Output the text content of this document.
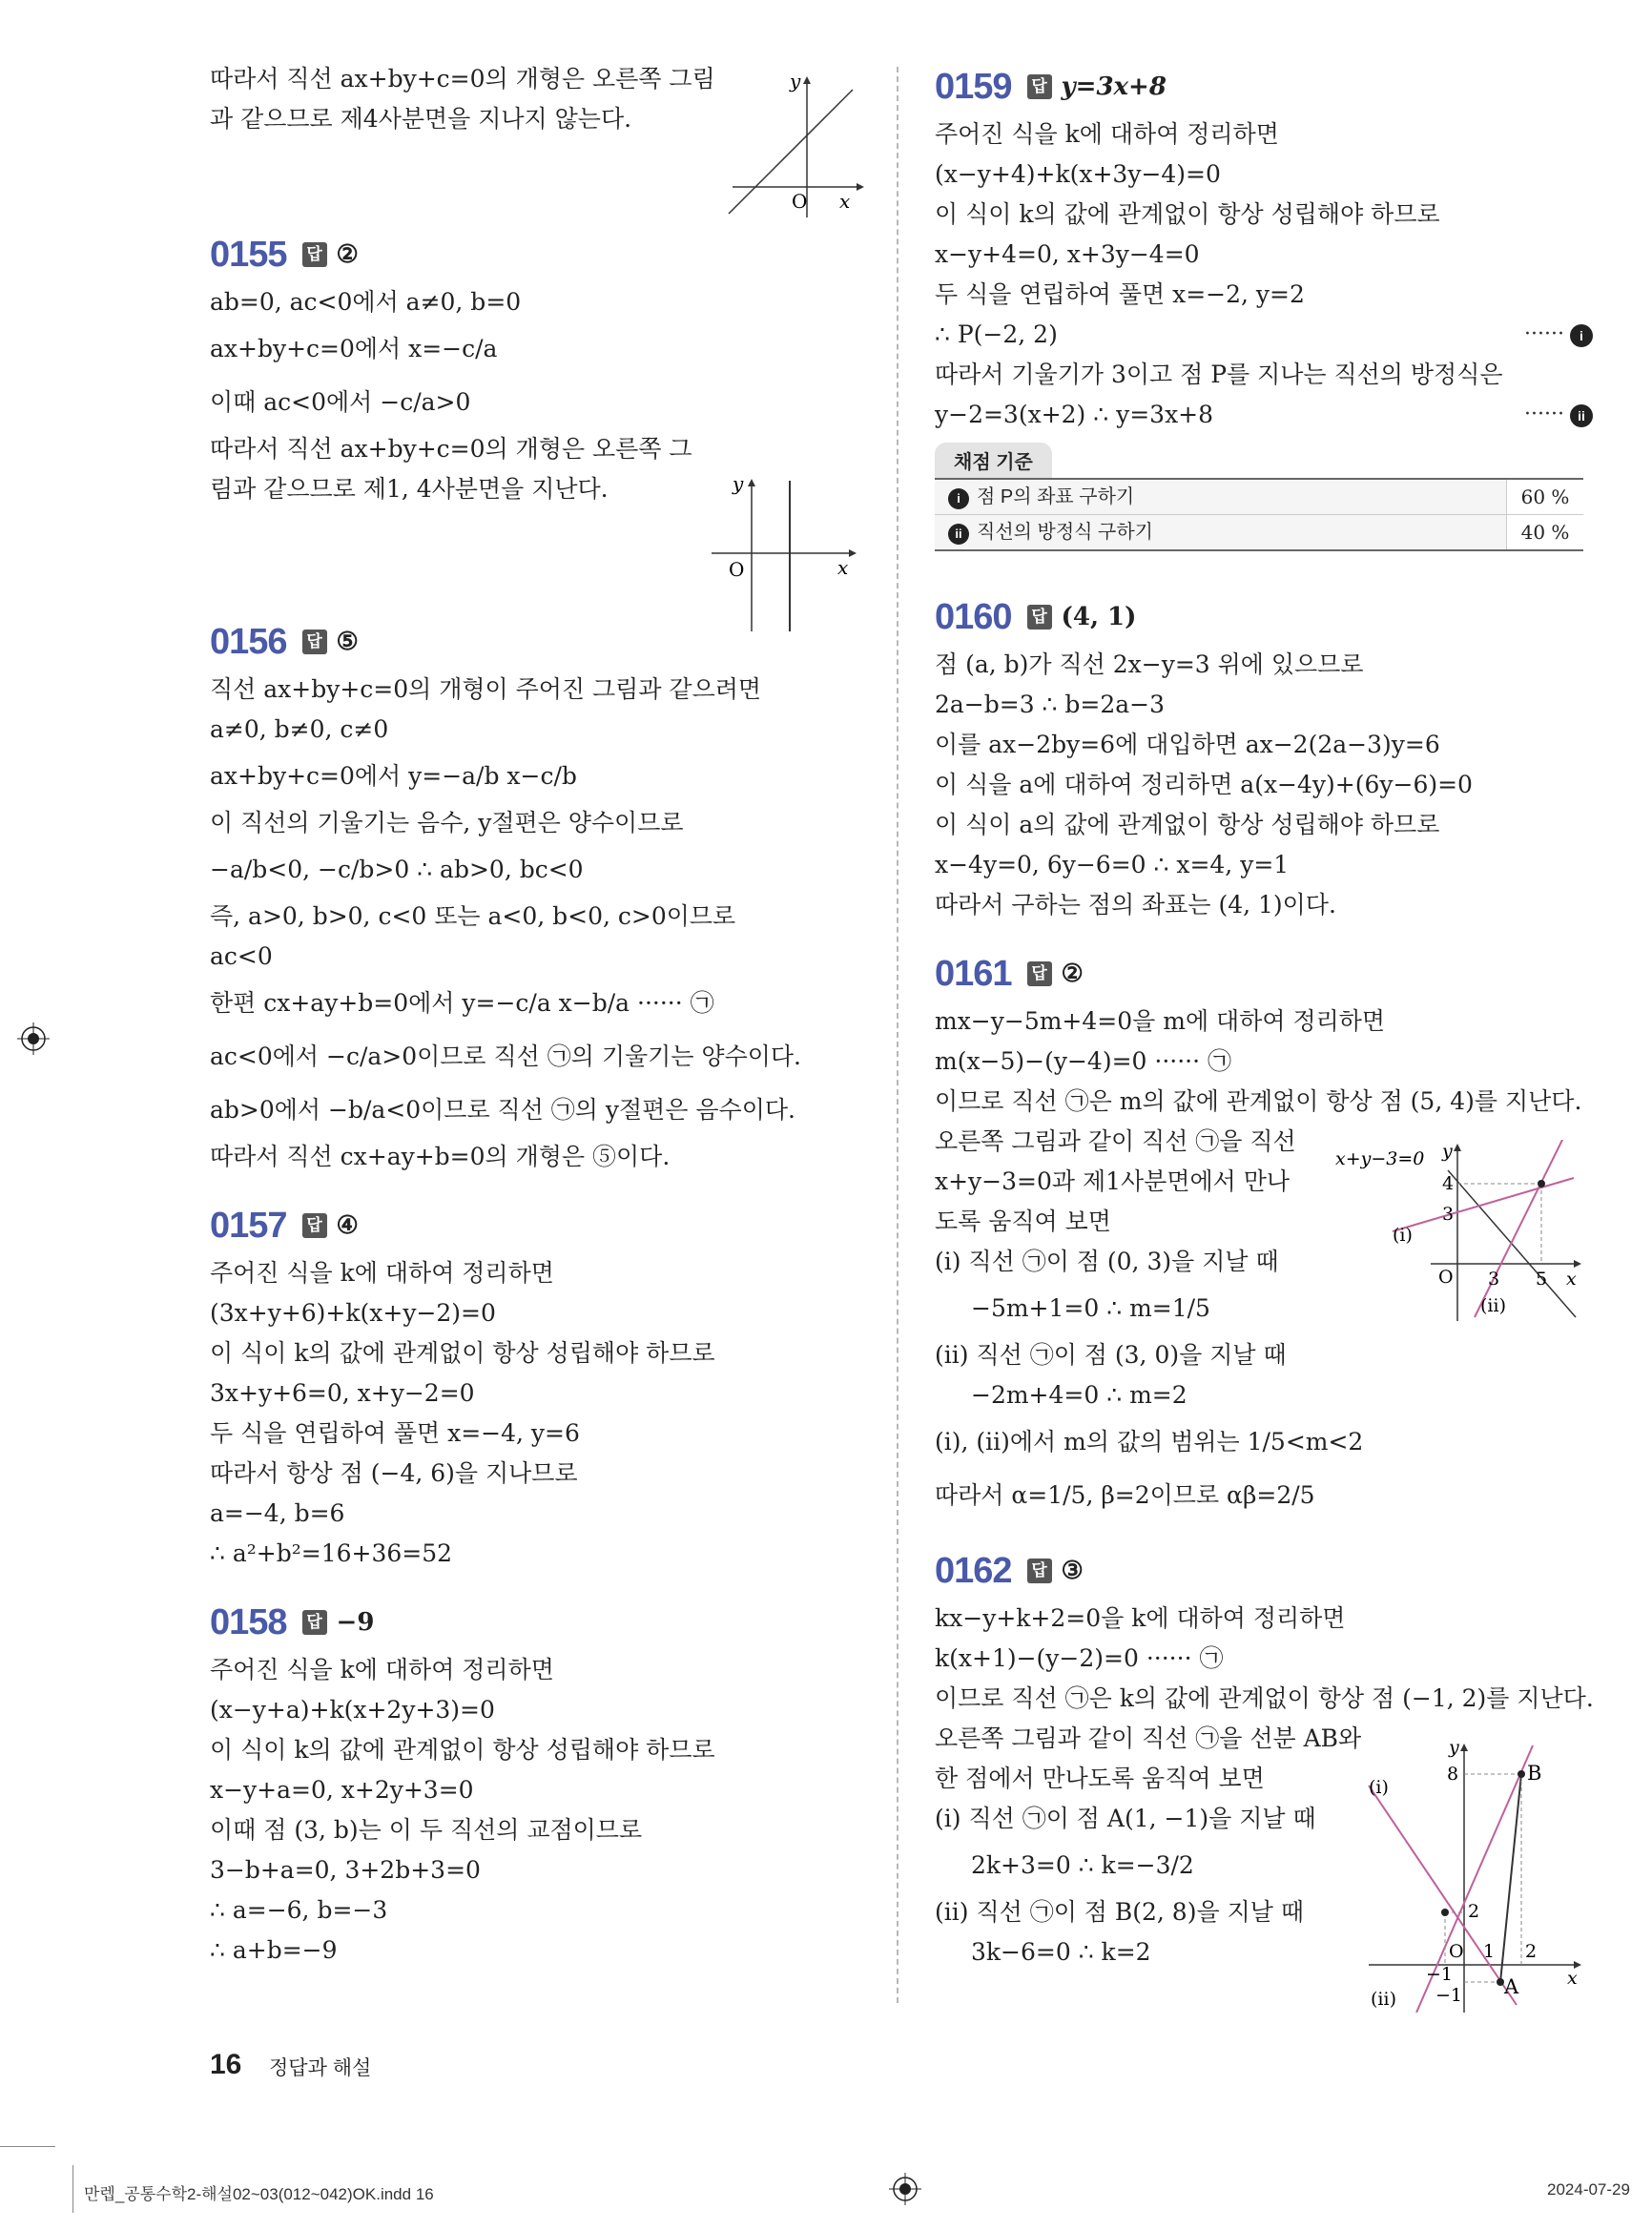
따라서 직선 ax+by+c=0의 개형은 오른쪽 그림
과 같으므로 제4사분면을 지나지 않는다.
0155 답 ②
ab=0, ac<0에서 a≠0, b=0
ax+by+c=0에서 x=−c/a
이때 ac<0에서 −c/a>0
따라서 직선 ax+by+c=0의 개형은 오른쪽 그
림과 같으므로 제1, 4사분면을 지난다.
0156 답 ⑤
직선 ax+by+c=0의 개형이 주어진 그림과 같으려면
a≠0, b≠0, c≠0
ax+by+c=0에서 y=−a/b x−c/b
이 직선의 기울기는 음수, y절편은 양수이므로
−a/b<0, −c/b>0 ∴ ab>0, bc<0
즉, a>0, b>0, c<0 또는 a<0, b<0, c>0이므로
ac<0
한편 cx+ay+b=0에서 y=−c/a x−b/a ······ ㉠
ac<0에서 −c/a>0이므로 직선 ㉠의 기울기는 양수이다.
ab>0에서 −b/a<0이므로 직선 ㉠의 y절편은 음수이다.
따라서 직선 cx+ay+b=0의 개형은 ⑤이다.
0157 답 ④
주어진 식을 k에 대하여 정리하면
(3x+y+6)+k(x+y−2)=0
이 식이 k의 값에 관계없이 항상 성립해야 하므로
3x+y+6=0, x+y−2=0
두 식을 연립하여 풀면 x=−4, y=6
따라서 항상 점 (−4, 6)을 지나므로
a=−4, b=6
∴ a²+b²=16+36=52
0158 답 −9
주어진 식을 k에 대하여 정리하면
(x−y+a)+k(x+2y+3)=0
이 식이 k의 값에 관계없이 항상 성립해야 하므로
x−y+a=0, x+2y+3=0
이때 점 (3, b)는 이 두 직선의 교점이므로
3−b+a=0, 3+2b+3=0
∴ a=−6, b=−3
∴ a+b=−9
O x
y
O	x
y
0159 답 y=3x+8
주어진 식을 k에 대하여 정리하면
(x−y+4)+k(x+3y−4)=0
이 식이 k의 값에 관계없이 항상 성립해야 하므로
x−y+4=0, x+3y−4=0
두 식을 연립하여 풀면 x=−2, y=2
∴ P(−2, 2)	······ i
따라서 기울기가 3이고 점 P를 지나는 직선의 방정식은
y−2=3(x+2) ∴ y=3x+8	······ ii
채점 기준
i 점 P의 좌표 구하기	60 %
ii 직선의 방정식 구하기	40 %
0160 답 (4, 1)
점 (a, b)가 직선 2x−y=3 위에 있으므로
2a−b=3 ∴ b=2a−3
이를 ax−2by=6에 대입하면 ax−2(2a−3)y=6
이 식을 a에 대하여 정리하면 a(x−4y)+(6y−6)=0
이 식이 a의 값에 관계없이 항상 성립해야 하므로
x−4y=0, 6y−6=0 ∴ x=4, y=1
따라서 구하는 점의 좌표는 (4, 1)이다.
0161 답 ②
mx−y−5m+4=0을 m에 대하여 정리하면
m(x−5)−(y−4)=0 ······ ㉠
이므로 직선 ㉠은 m의 값에 관계없이 항상 점 (5, 4)를 지난다.
오른쪽 그림과 같이 직선 ㉠을 직선
x+y−3=0과 제1사분면에서 만나
도록 움직여 보면
(ⅰ) 직선 ㉠이 점 (0, 3)을 지날 때
−5m+1=0 ∴ m=1/5
(ⅱ) 직선 ㉠이 점 (3, 0)을 지날 때
−2m+4=0 ∴ m=2
(ⅰ), (ⅱ)에서 m의 값의 범위는 1/5<m<2
따라서 α=1/5, β=2이므로 αβ=2/5
0162 답 ③
kx−y+k+2=0을 k에 대하여 정리하면
k(x+1)−(y−2)=0 ······ ㉠
이므로 직선 ㉠은 k의 값에 관계없이 항상 점 (−1, 2)를 지난다.
오른쪽 그림과 같이 직선 ㉠을 선분 AB와
한 점에서 만나도록 움직여 보면
(ⅰ) 직선 ㉠이 점 A(1, −1)을 지날 때
2k+3=0 ∴ k=−3/2
(ⅱ) 직선 ㉠이 점 B(2, 8)을 지날 때
3k−6=0 ∴ k=2
x+y−3=0
4
3
O 3 5 x
y
(ⅰ)
(ⅱ)
y
8	B
(ⅰ)
2
O 1 2
x
−1
−1 A
(ⅱ)
16 정답과 해설
만렙_공통수학2-해설02~03(012~042)OK.indd 16	2024-07-29
